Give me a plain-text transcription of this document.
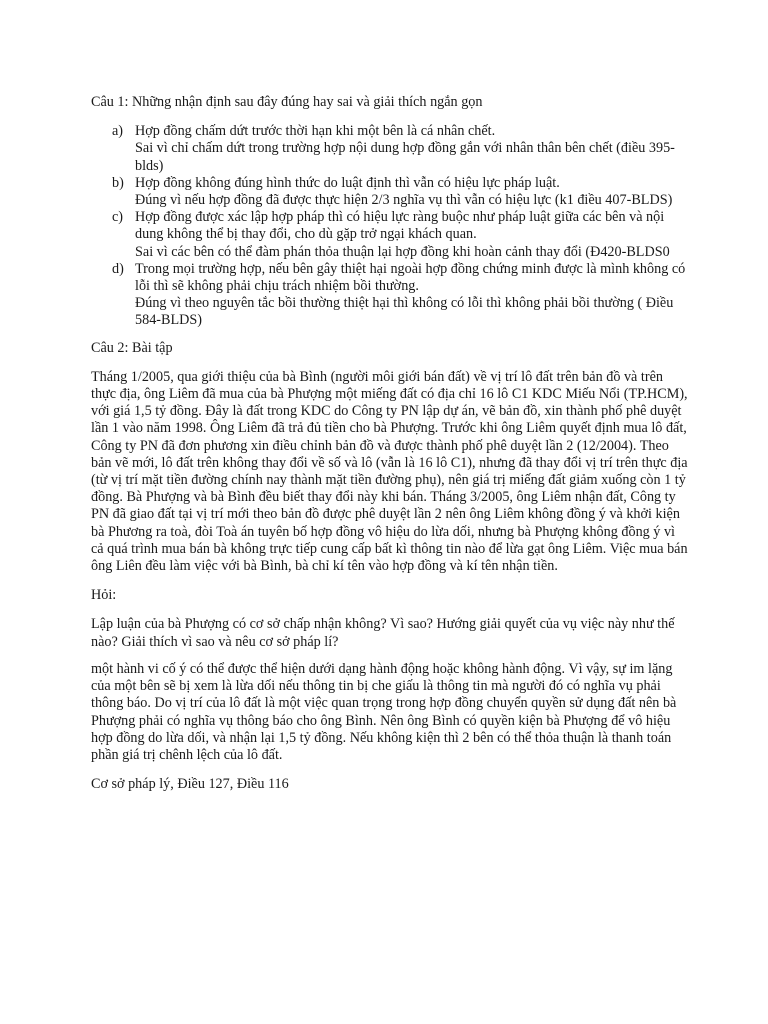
Câu 1: Những nhận định sau đây đúng hay sai và giải thích ngắn gọn

a) Hợp đồng chấm dứt trước thời hạn khi một bên là cá nhân chết.
Sai vì chỉ chấm dứt trong trường hợp nội dung hợp đồng gắn với nhân thân bên chết (điều 395-blds)
b) Hợp đồng không đúng hình thức do luật định thì vẫn có hiệu lực pháp luật.
Đúng vì nếu hợp đồng đã được thực hiện 2/3 nghĩa vụ thì vẫn có hiệu lực (k1 điều 407-BLDS)
c) Hợp đồng được xác lập hợp pháp thì có hiệu lực ràng buộc như pháp luật giữa các bên và nội dung không thể bị thay đổi, cho dù gặp trở ngại khách quan.
Sai vì các bên có thể đàm phán thỏa thuận lại hợp đồng khi hoàn cảnh thay đổi (Đ420-BLDS0
d) Trong mọi trường hợp, nếu bên gây thiệt hại ngoài hợp đồng chứng minh được là mình không có lỗi thì sẽ không phải chịu trách nhiệm bồi thường.
Đúng vì theo nguyên tắc bồi thường thiệt hại thì không có lỗi thì không phải bồi thường ( Điều 584-BLDS)

Câu 2: Bài tập

Tháng 1/2005, qua giới thiệu của bà Bình (người môi giới bán đất) về vị trí lô đất trên bản đồ và trên thực địa, ông Liêm đã mua của bà Phượng một miếng đất có địa chỉ 16 lô C1 KDC Miếu Nổi (TP.HCM), với giá 1,5 tỷ đồng. Đây là đất trong KDC do Công ty PN lập dự án, vẽ bản đồ, xin thành phố phê duyệt lần 1 vào năm 1998. Ông Liêm đã trả đủ tiền cho bà Phượng. Trước khi ông Liêm quyết định mua lô đất, Công ty PN đã đơn phương xin điều chỉnh bản đồ và được thành phố phê duyệt lần 2 (12/2004). Theo bản vẽ mới, lô đất trên không thay đổi về số và lô (vẫn là 16 lô C1), nhưng đã thay đổi vị trí trên thực địa (từ vị trí mặt tiền đường chính nay thành mặt tiền đường phụ), nên giá trị miếng đất giảm xuống còn 1 tỷ đồng. Bà Phượng và bà Bình đều biết thay đổi này khi bán. Tháng 3/2005, ông Liêm nhận đất, Công ty PN đã giao đất tại vị trí mới theo bản đồ được phê duyệt lần 2 nên ông Liêm không đồng ý và khởi kiện bà Phương ra toà, đòi Toà án tuyên bố hợp đồng vô hiệu do lừa dối, nhưng bà Phượng không đồng ý vì cả quá trình mua bán bà không trực tiếp cung cấp bất kì thông tin nào để lừa gạt ông Liêm. Việc mua bán ông Liên đều làm việc với bà Bình, bà chỉ kí tên vào hợp đồng và kí tên nhận tiền.

Hỏi:

Lập luận của bà Phượng có cơ sở chấp nhận không? Vì sao? Hướng giải quyết của vụ việc này như thế nào? Giải thích vì sao và nêu cơ sở pháp lí?

một hành vi cố ý có thể được thể hiện dưới dạng hành động hoặc không hành động. Vì vậy, sự im lặng của một bên sẽ bị xem là lừa dối nếu thông tin bị che giấu là thông tin mà người đó có nghĩa vụ phải thông báo. Do vị trí của lô đất là một việc quan trọng trong hợp đồng chuyển quyền sử dụng đất nên bà Phượng phải có nghĩa vụ thông báo cho ông Bình. Nên ông Bình có quyền kiện bà Phượng để vô hiệu hợp đồng do lừa dối, và nhận lại 1,5 tỷ đồng. Nếu không kiện thì 2 bên có thể thỏa thuận là thanh toán phần giá trị chênh lệch của lô đất.

Cơ sở pháp lý, Điều 127, Điều 116
